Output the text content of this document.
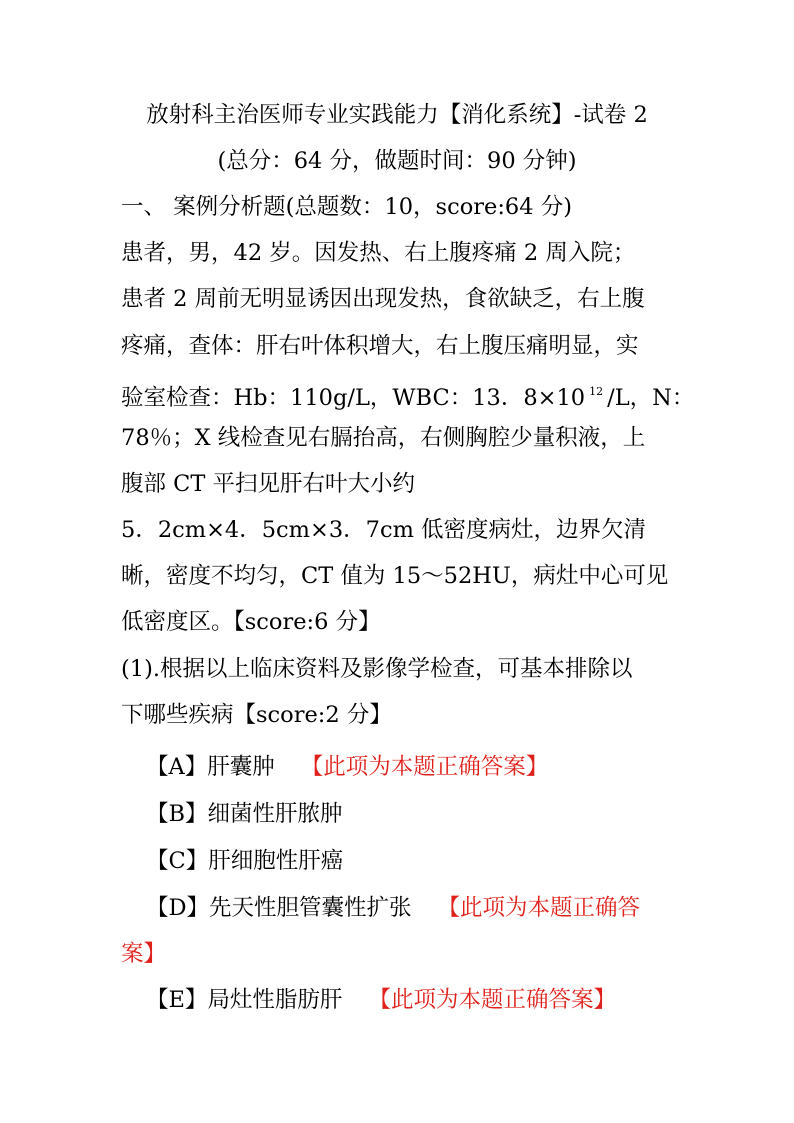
放射科主治医师专业实践能力【消化系统】-试卷 2
(总分：64 分，做题时间：90 分钟)
一、 案例分析题(总题数：10，score:64 分)
患者，男，42 岁。因发热、右上腹疼痛 2 周入院；
患者 2 周前无明显诱因出现发热，食欲缺乏，右上腹
疼痛，查体：肝右叶体积增大，右上腹压痛明显，实
验室检查：Hb：110g/L，WBC：13．8×10 $^{12}$ /L，N：
78％；X 线检查见右膈抬高，右侧胸腔少量积液，上
腹部 CT 平扫见肝右叶大小约
5．2cm×4．5cm×3．7cm 低密度病灶，边界欠清
晰，密度不均匀，CT 值为 15～52HU，病灶中心可见
低密度区。【score:6 分】
(1).根据以上临床资料及影像学检查，可基本排除以
下哪些疾病【score:2 分】
【A】肝囊肿 【此项为本题正确答案】
【B】细菌性肝脓肿
【C】肝细胞性肝癌
【D】先天性胆管囊性扩张 【此项为本题正确答
案】
【E】局灶性脂肪肝 【此项为本题正确答案】
